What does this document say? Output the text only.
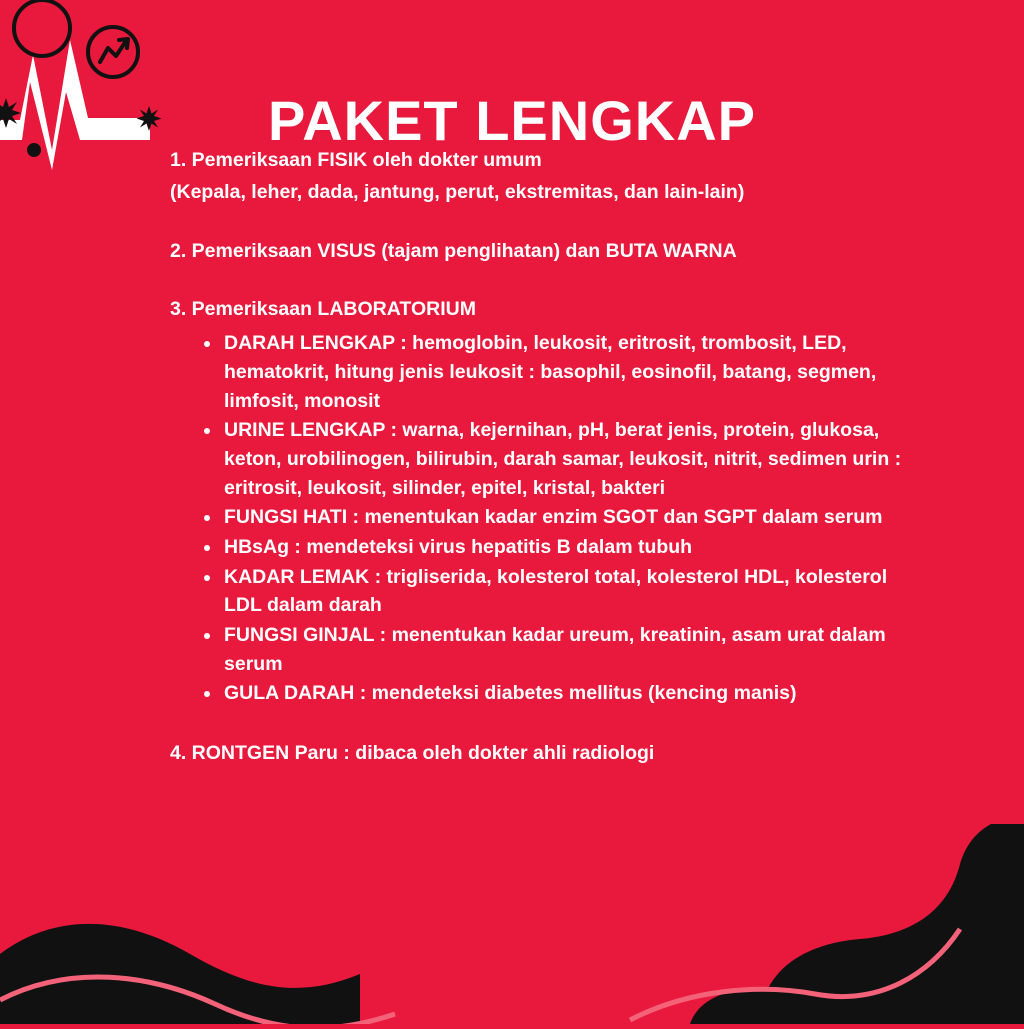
PAKET LENGKAP

1. Pemeriksaan FISIK oleh dokter umum

(Kepala, leher, dada, jantung, perut, ekstremitas, dan lain-lain)

2. Pemeriksaan VISUS (tajam penglihatan) dan BUTA WARNA

3. Pemeriksaan LABORATORIUM

DARAH LENGKAP : hemoglobin, leukosit, eritrosit, trombosit, LED, hematokrit, hitung jenis leukosit : basophil, eosinofil, batang, segmen, limfosit, monosit
URINE LENGKAP : warna, kejernihan, pH, berat jenis, protein, glukosa, keton, urobilinogen, bilirubin, darah samar, leukosit, nitrit, sedimen urin : eritrosit, leukosit, silinder, epitel, kristal, bakteri
FUNGSI HATI : menentukan kadar enzim SGOT dan SGPT dalam serum
HBsAg : mendeteksi virus hepatitis B dalam tubuh
KADAR LEMAK : trigliserida, kolesterol total, kolesterol HDL, kolesterol LDL dalam darah
FUNGSI GINJAL : menentukan kadar ureum, kreatinin, asam urat dalam serum
GULA DARAH : mendeteksi diabetes mellitus (kencing manis)

4. RONTGEN Paru : dibaca oleh dokter ahli radiologi
